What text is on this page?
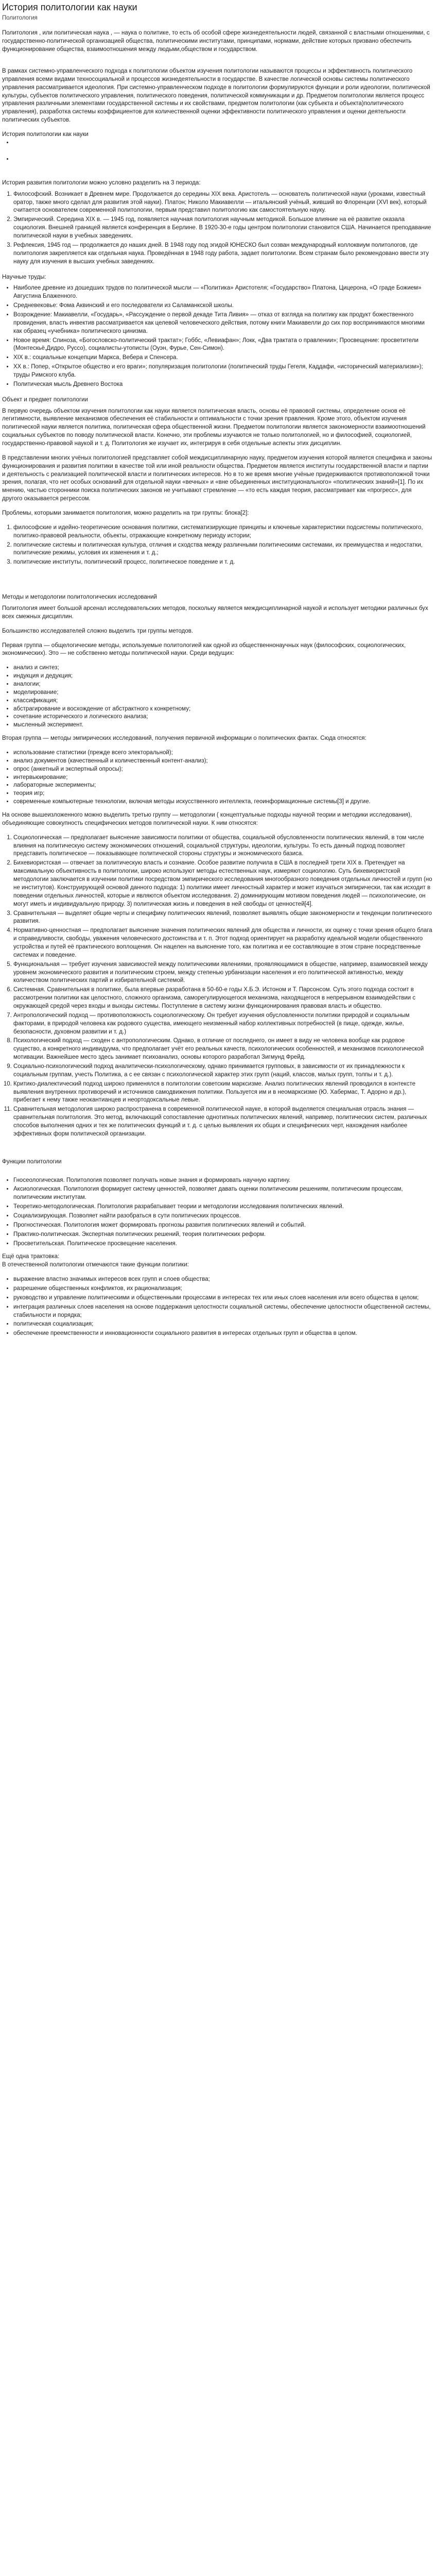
История политологии как науки
Политология

Политология , или политическая наука , — наука о политике, то есть об особой сфере жизнедеятельности людей, связанной с властными отношениями, с государственно-политической организацией общества, политическими институтами, принципами, нормами, действие которых призвано обеспечить функционирование общества, взаимоотношения между людьми,обществом и государством.

В рамках системно-управленческого подхода к политологии объектом изучения политологии называются процессы и эффективность политического управления всеми видами техносоциальной и процессов жизнедеятельности в государстве. В качестве логической основы системы политического управления рассматривается идеология. При системно-управленческом подходе в политологии формулируются функции и роли идеологии, политической культуры, субъектов политического управления, политического поведения, политической коммуникации и др. Предметом политологии является процесс управления различными элементами государственной системы и их свойствами, предметом политологии (как субъекта и объекта)политического управления), разработка системы коэффициентов для количественной оценки эффективности политического управления и оценки деятельности политических субъектов.

История политологии как науки
•
•
История развития политологии можно условно разделить на 3 периода:
1. Философский. Возникает в Древнем мире. Продолжается до середины XIX века. Аристотель — основатель политической науки (уроками, известный оратор, также много сделал для развития этой науки). Платон; Николо Макиавелли — итальянский учёный, живший во Флоренции (XVI век), который считается основателем современной политологии, первым представил политологию как самостоятельную науку.
2. Эмпирический. Середина XIX в. — 1945 год, появляется научная политология научным методикой. Большое влияние на её развитие оказала социология. Внешней границей является конференция в Берлине. В 1920-30-е годы центром политологии становится США. Начинается преподавание политической науки в учебных заведениях.
3. Рефлексия, 1945 год — продолжается до наших дней. В 1948 году под эгидой ЮНЕСКО был созван международный коллоквиум политологов, где политология закрепляется как отдельная наука. Проведённая в 1948 году работа, задает политологии. Всем странам было рекомендовано ввести эту науку для изучения в высших учебных заведениях.
Научные труды:
• Наиболее древние из дошедших трудов по политической мысли — «Политика» Аристотеля; «Государство» Платона, Цицерона, «О граде Божием» Августина Блаженного.
• Средневековье: Фома Аквинский и его последователи из Саламанкской школы.
• Возрождение: Макиавелли, «Государь», «Рассуждение о первой декаде Тита Ливия» — отказ от взгляда на политику как продукт божественного провидения, власть инвектив рассматривается как целевой человеческого действия, потому книги Макиавелли до сих пор воспринимаются многими как образец «учебника» политического цинизма.
• Новое время: Спиноза, «Богословско-политический трактат»; Гоббс, «Левиафан»; Локк, «Два трактата о правлении»; Просвещение: просветители (Монтескьё,Дидро, Руссо), социалисты-утописты (Оуэн, Фурье, Сен-Симон).
• XIX в.: социальные концепции Маркса, Вебера и Спенсера.
• XX в.: Попер, «Открытое общество и его враги»; популяризация политологии (политический труды Гегеля, Каддафи, «исторический материализм»); труды Римского клуба.
• Политическая мысль Древнего Востока
Объект и предмет политологии

В первую очередь объектом изучения политологии как науки является политическая власть, основы её правовой системы, определение основ её легитимности, выявление механизмов обеспечения её стабильности и оптимальности с точки зрения правления. Кроме этого, объектом изучения политической науки является политика, политическая сфера общественной жизни. Предметом политологии является закономерности взаимоотношений социальных субъектов по поводу политической власти. Конечно, эти проблемы изучаются не только политологией, но и философией, социологией, государственно-правовой наукой и т. д. Политология же изучает их, интегрируя в себя отдельные аспекты этих дисциплин.

В представлении многих учёных политологией представляет собой междисциплинарную науку, предметом изучения которой является специфика и законы функционирования и развития политики в качестве той или иной реальности общества. Предметом является институты государственной власти и партии и деятельность с реализацией политической власти и политических интересов. Но в то же время многие учёные придерживаются противоположной точки зрения, полагая, что нет особых оснований для отдельной науки «вечных» и «вне объединенных институционального» «политических знаний»[1]. По их мнению, частью сторонники поиска политических законов не учитывают стремление — «то есть каждая теория, рассматривает как «прогресс», для другого оказывается регрессом.

Проблемы, которыми занимается политология, можно разделить на три группы: блока[2]:

1. философские и идейно-теоретические основания политики, систематизирующие принципы и ключевые характеристики подсистемы политического, политико-правовой реальности, объекты, отражающие конкретному периоду истории;
2. политические системы и политическая культура, отличия и сходства между различными политическими системами, их преимущества и недостатки, политические режимы, условия их изменения и т. д.;
3. политические институты, политический процесс, политическое поведение и т. д.
Методы и методологии политологических исследований

Политология имеет большой арсенал исследовательских методов, поскольку является междисциплинарной наукой и использует методики различных бух всех смежных дисциплин.

Большинство исследователей сложно выделить три группы методов.

Первая группа — общелогические методы, используемые политологией как одной из общественнонаучных наук (философских, социологических, экономических). Это — не собственно методы политической науки. Среди ведущих:

• анализ и синтез;
• индукция и дедукция;
• аналогии;
• моделирование;
• классификация;
• абстрагирование и восхождение от абстрактного к конкретному;
• сочетание исторического и логического анализа;
• мысленный эксперимент.

Вторая группа — методы эмпирических исследований, получения первичной информации о политических фактах. Сюда относятся:

• использование статистики (прежде всего электоральной);
• анализ документов (качественный и количественный контент-анализ);
• опрос (анкетный и экспертный опросы);
• интервьюирование;
• лабораторные эксперименты;
• теория игр;
• современные компьютерные технологии, включая методы искусственного интеллекта, геоинформационные системы[3] и другие.

На основе вышеизложенного можно выделить третью группу — методологии ( концептуальные подходы научной теории и методики исследования), объединяющие совокупность специфических методов политической науки. К ним относятся:

1. Социологическая — предполагает выяснение зависимости политики от общества, социальной обусловленности политических явлений, в том числе влияния на политическую систему экономических отношений, социальной структуры, идеологии, культуры. То есть данный подход позволяет представить политическое — показывающее политической стороны структуры и экономического базиса.
2. Бихевиористская — отвечает за политическую власть и сознание. Особое развитие получила в США в последней трети XIX в. Претендует на максимальную объективность в политологии, широко используют методы естественных наук, измеряют социологию. Суть бихевиористской методологии заключается в изучении политики посредством эмпирического исследования многообразного поведения отдельных личностей и групп (но не институтов). Конструирующей основой данного подхода: 1) политики имеет личностный характер и может изучаться эмпирически, так как исходит в поведении отдельных личностей, которые и являются объектом исследования. 2) доминирующим мотивом поведения людей — психологические, он могут иметь и индивидуальную природу. 3) политическая жизнь и поведения в ней свободы от ценностей[4].
3. Сравнительная — выделяет общие черты и специфику политических явлений, позволяет выявлять общие закономерности и тенденции политического развития.
4. Нормативно-ценностная — предполагает выяснение значения политических явлений для общества и личности, их оценку с точки зрения общего блага и справедливости, свободы, уважения человеческого достоинства и т. п. Этот подход ориентирует на разработку идеальной модели общественного устройства и путей её практического воплощения. Он нацелен на выяснение того, как политика и ее составляющие в этом стране посредственные системах и поведение.
5. Функциональная — требует изучения зависимостей между политическими явлениями, проявляющимися в обществе, например, взаимосвязей между уровнем экономического развития и политическим строем, между степенью урбанизации населения и его политической активностью, между количеством политических партий и избирательной системой.
6. Системная. Сравнительная в политике, была впервые разработана в 50-60-е годы Х.Б.Э. Истоном и Т. Парсонсом. Суть этого подхода состоит в рассмотрении политики как целостного, сложного организма, саморегулирующегося механизма, находящегося в непрерывном взаимодействии с окружающей средой через входы и выходы системы. Поступление в систему жизни функционирования правовая власть и общество.
7. Антропологический подход — противоположность социологическому. Он требует изучения обусловленности политики природой и социальным факторами, в природой человека как родового существа, имеющего неизменный набор коллективных потребностей (в пище, одежде, жилье, безопасности, духовном развитии и т. д.)
8. Психологический подход — сходен с антропологическим. Однако, в отличие от последнего, он имеет в виду не человека вообще как родовое существо, а конкретного индивидуума, что предполагает учёт его реальных качеств, психологических особенностей, и механизмов психологической мотивации. Важнейшее место здесь занимает психоанализ, основы которого разработал Зигмунд Фрейд.
9. Социально-психологический подход аналитически-психологическому, однако принимается групповых, в зависимости от их принадлежности к социальным группам, учесть Политика, а с ее связан с психологической характер этих групп (наций, классов, малых групп, толпы и т. д.).
10. Критико-диалектический подход широко применялся в политологии советским марксизме. Анализ политических явлений проводился в контексте выявления внутренних противоречий и источников самодвижения политики. Пользуется им и в неомарксизме (Ю. Хабермас, Т. Адорно и др.), прибегает к нему также неокантианцев и неортодоксальные левые.
11. Сравнительная методология широко распространена в современной политической науке, в которой выделяется специальная отрасль знания — сравнительная политология. Это метод, включающий сопоставление однотипных политических явлений, например, политических систем, различных способов выполнения одних и тех же политических функций и т. д. с целью выявления их общих и специфических черт, нахождения наиболее эффективных форм политической организации.
Функции политологии
• Гносеологическая. Политология позволяет получать новые знания и формировать научную картину.
• Аксиологическая. Политология формирует систему ценностей, позволяет давать оценки политическим решениям, политическим процессам, политическим институтам.
• Теоретико-методологическая. Политология разрабатывает теории и методологии исследования политических явлений.
• Социализирующая. Позволяет найти разобраться в сути политических процессов.
• Прогностическая. Политология может формировать прогнозы развития политических явлений и событий.
• Практико-политическая. Экспертная политических решений, теория политических реформ.
• Просветительская. Политическое просвещение населения.
Ещё одна трактовка:

В отечественной политологии отмечаются такие функции политики:

• выражение властно значимых интересов всех групп и слоев общества;
• разрешение общественных конфликтов, их рационализация;
• руководство и управление политическими и общественными процессами в интересах тех или иных слоев населения или всего общества в целом;
• интеграция различных слоев населения на основе поддержания целостности социальной системы, обеспечение целостности общественной системы, стабильности и порядка;
• политическая социализация;
• обеспечение преемственности и инновационности социального развития в интересах отдельных групп и общества в целом.
